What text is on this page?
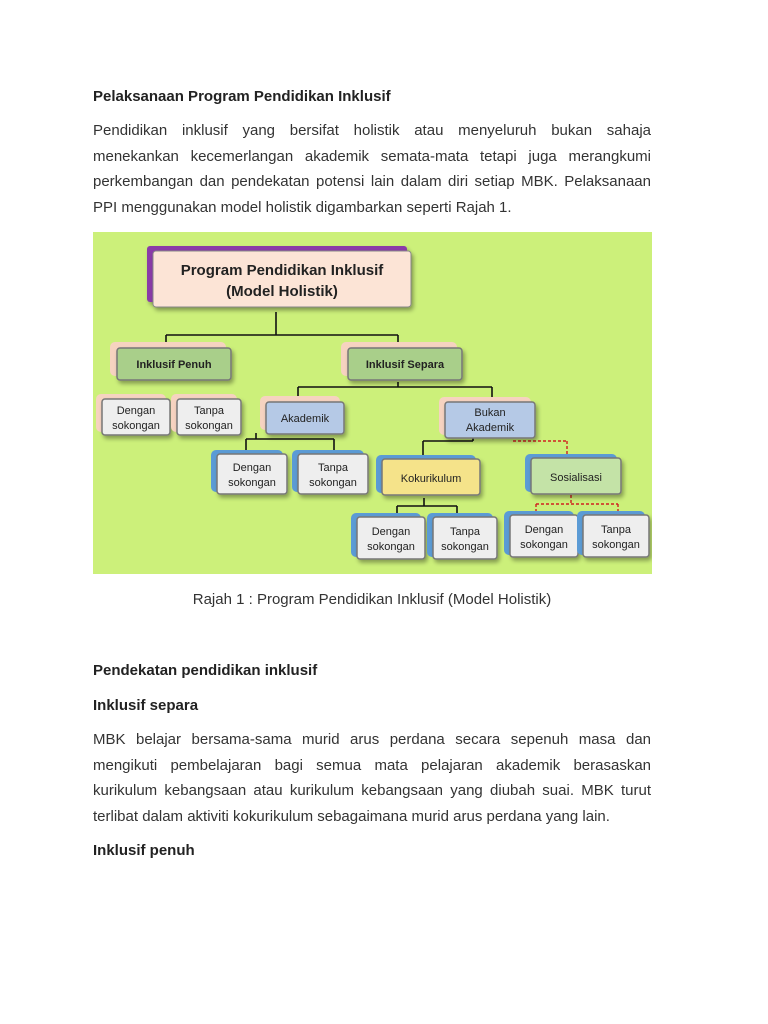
Pelaksanaan Program Pendidikan Inklusif

Pendidikan inklusif yang bersifat holistik atau menyeluruh bukan sahaja menekankan kecemerlangan akademik semata-mata tetapi juga merangkumi perkembangan dan pendekatan potensi lain dalam diri setiap MBK. Pelaksanaan PPI menggunakan model holistik digambarkan seperti Rajah 1.

Program Pendidikan Inklusif
(Model Holistik)
Inklusif Penuh	Inklusif Separa
Dengan
sokongan
Tanpa
sokongan
Akademik	Bukan
Akademik
Dengan
sokongan
Tanpa
sokongan	Kokurikulum	Sosialisasi
Dengan
sokongan
Tanpa
sokongan
Dengan
sokongan
Tanpa
sokongan

Rajah 1 : Program Pendidikan Inklusif (Model Holistik)

Pendekatan pendidikan inklusif

Inklusif separa

MBK belajar bersama-sama murid arus perdana secara sepenuh masa dan mengikuti pembelajaran bagi semua mata pelajaran akademik berasaskan kurikulum kebangsaan atau kurikulum kebangsaan yang diubah suai. MBK turut terlibat dalam aktiviti kokurikulum sebagaimana murid arus perdana yang lain.

Inklusif penuh
